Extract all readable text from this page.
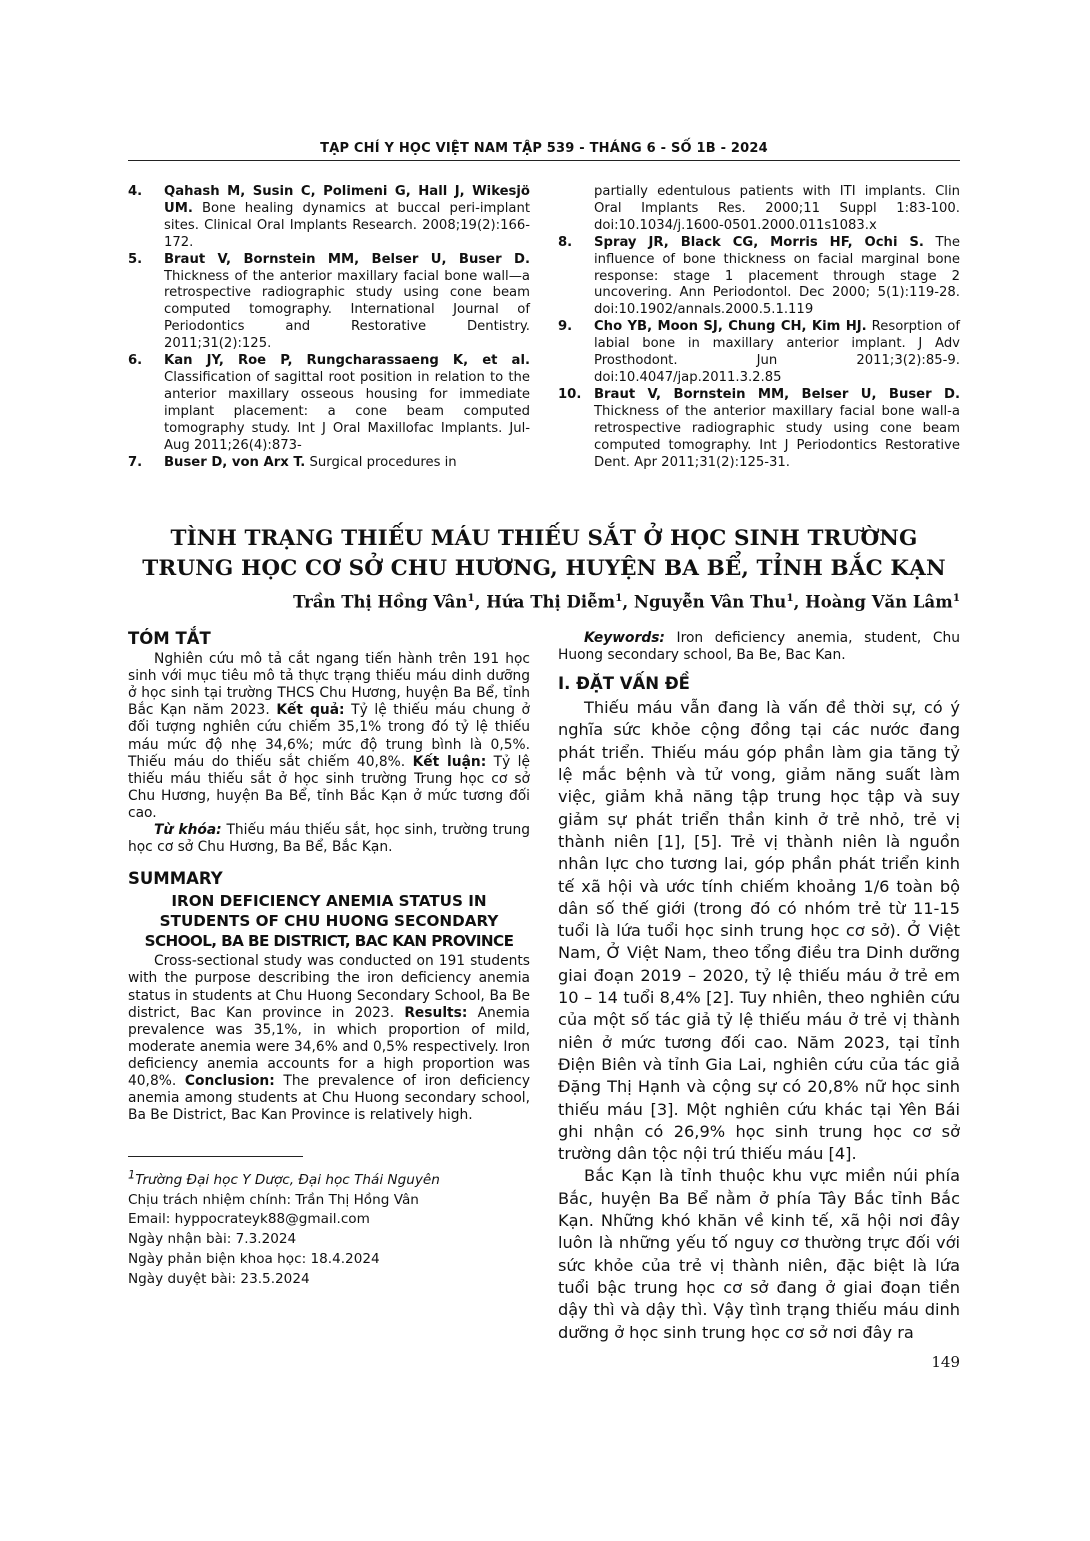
TẠP CHÍ Y HỌC VIỆT NAM TẬP 539 - THÁNG 6 - SỐ 1B - 2024
4.	Qahash M, Susin C, Polimeni G, Hall J, Wikesjö UM. Bone healing dynamics at buccal peri-implant sites. Clinical Oral Implants Research. 2008;19(2):166-172.
5.	Braut V, Bornstein MM, Belser U, Buser D. Thickness of the anterior maxillary facial bone wall—a retrospective radiographic study using cone beam computed tomography. International Journal of Periodontics and Restorative Dentistry. 2011;31(2):125.
6.	Kan JY, Roe P, Rungcharassaeng K, et al. Classification of sagittal root position in relation to the anterior maxillary osseous housing for immediate implant placement: a cone beam computed tomography study. Int J Oral Maxillofac Implants. Jul-Aug 2011;26(4):873-
7.	Buser D, von Arx T. Surgical procedures in
partially edentulous patients with ITI implants. Clin Oral Implants Res. 2000;11 Suppl 1:83-100. doi:10.1034/j.1600-0501.2000.011s1083.x
8.	Spray JR, Black CG, Morris HF, Ochi S. The influence of bone thickness on facial marginal bone response: stage 1 placement through stage 2 uncovering. Ann Periodontol. Dec 2000; 5(1):119-28. doi:10.1902/annals.2000.5.1.119
9.	Cho YB, Moon SJ, Chung CH, Kim HJ. Resorption of labial bone in maxillary anterior implant. J Adv Prosthodont. Jun 2011;3(2):85-9. doi:10.4047/jap.2011.3.2.85
10. Braut V, Bornstein MM, Belser U, Buser D. Thickness of the anterior maxillary facial bone wall-a retrospective radiographic study using cone beam computed tomography. Int J Periodontics Restorative Dent. Apr 2011;31(2):125-31.
TÌNH TRẠNG THIẾU MÁU THIẾU SẮT Ở HỌC SINH TRƯỜNG
TRUNG HỌC CƠ SỞ CHU HƯƠNG, HUYỆN BA BỂ, TỈNH BẮC KẠN
Trần Thị Hồng Vân$^1$, Hứa Thị Diễm$^1$, Nguyễn Vân Thu$^1$, Hoàng Văn Lâm$^1$
TÓM TẮT

Nghiên cứu mô tả cắt ngang tiến hành trên 191 học sinh với mục tiêu mô tả thực trạng thiếu máu dinh dưỡng ở học sinh tại trường THCS Chu Hương, huyện Ba Bể, tỉnh Bắc Kạn năm 2023. Kết quả: Tỷ lệ thiếu máu chung ở đối tượng nghiên cứu chiếm 35,1% trong đó tỷ lệ thiếu máu mức độ nhẹ 34,6%; mức độ trung bình là 0,5%. Thiếu máu do thiếu sắt chiếm 40,8%. Kết luận: Tỷ lệ thiếu máu thiếu sắt ở học sinh trường Trung học cơ sở Chu Hương, huyện Ba Bể, tỉnh Bắc Kạn ở mức tương đối cao.

Từ khóa: Thiếu máu thiếu sắt, học sinh, trường trung học cơ sở Chu Hương, Ba Bể, Bắc Kạn.

SUMMARY
IRON DEFICIENCY ANEMIA STATUS IN
STUDENTS OF CHU HUONG SECONDARY
SCHOOL, BA BE DISTRICT, BAC KAN PROVINCE

Cross-sectional study was conducted on 191 students with the purpose describing the iron deficiency anemia status in students at Chu Huong Secondary School, Ba Be district, Bac Kan province in 2023. Results: Anemia prevalence was 35,1%, in which proportion of mild, moderate anemia were 34,6% and 0,5% respectively. Iron deficiency anemia accounts for a high proportion was 40,8%. Conclusion: The prevalence of iron deficiency anemia among students at Chu Huong secondary school, Ba Be District, Bac Kan Province is relatively high.

$^1$Trường Đại học Y Dược, Đại học Thái Nguyên

Chịu trách nhiệm chính: Trần Thị Hồng Vân

Email: hyppocrateyk88@gmail.com

Ngày nhận bài: 7.3.2024

Ngày phản biện khoa học: 18.4.2024

Ngày duyệt bài: 23.5.2024

Keywords: Iron deficiency anemia, student, Chu Huong secondary school, Ba Be, Bac Kan.

I. ĐẶT VẤN ĐỀ

Thiếu máu vẫn đang là vấn đề thời sự, có ý nghĩa sức khỏe cộng đồng tại các nước đang phát triển. Thiếu máu góp phần làm gia tăng tỷ lệ mắc bệnh và tử vong, giảm năng suất làm việc, giảm khả năng tập trung học tập và suy giảm sự phát triển thần kinh ở trẻ nhỏ, trẻ vị thành niên [1], [5]. Trẻ vị thành niên là nguồn nhân lực cho tương lai, góp phần phát triển kinh tế xã hội và ước tính chiếm khoảng 1/6 toàn bộ dân số thế giới (trong đó có nhóm trẻ từ 11-15 tuổi là lứa tuổi học sinh trung học cơ sở). Ở Việt Nam, Ở Việt Nam, theo tổng điều tra Dinh dưỡng giai đoạn 2019 – 2020, tỷ lệ thiếu máu ở trẻ em 10 – 14 tuổi 8,4% [2]. Tuy nhiên, theo nghiên cứu của một số tác giả tỷ lệ thiếu máu ở trẻ vị thành niên ở mức tương đối cao. Năm 2023, tại tỉnh Điện Biên và tỉnh Gia Lai, nghiên cứu của tác giả Đặng Thị Hạnh và cộng sự có 20,8% nữ học sinh thiếu máu [3]. Một nghiên cứu khác tại Yên Bái ghi nhận có 26,9% học sinh trung học cơ sở trường dân tộc nội trú thiếu máu [4].

Bắc Kạn là tỉnh thuộc khu vực miền núi phía Bắc, huyện Ba Bể nằm ở phía Tây Bắc tỉnh Bắc Kạn. Những khó khăn về kinh tế, xã hội nơi đây luôn là những yếu tố nguy cơ thường trực đối với sức khỏe của trẻ vị thành niên, đặc biệt là lứa tuổi bậc trung học cơ sở đang ở giai đoạn tiền dậy thì và dậy thì. Vậy tình trạng thiếu máu dinh dưỡng ở học sinh trung học cơ sở nơi đây ra

149
